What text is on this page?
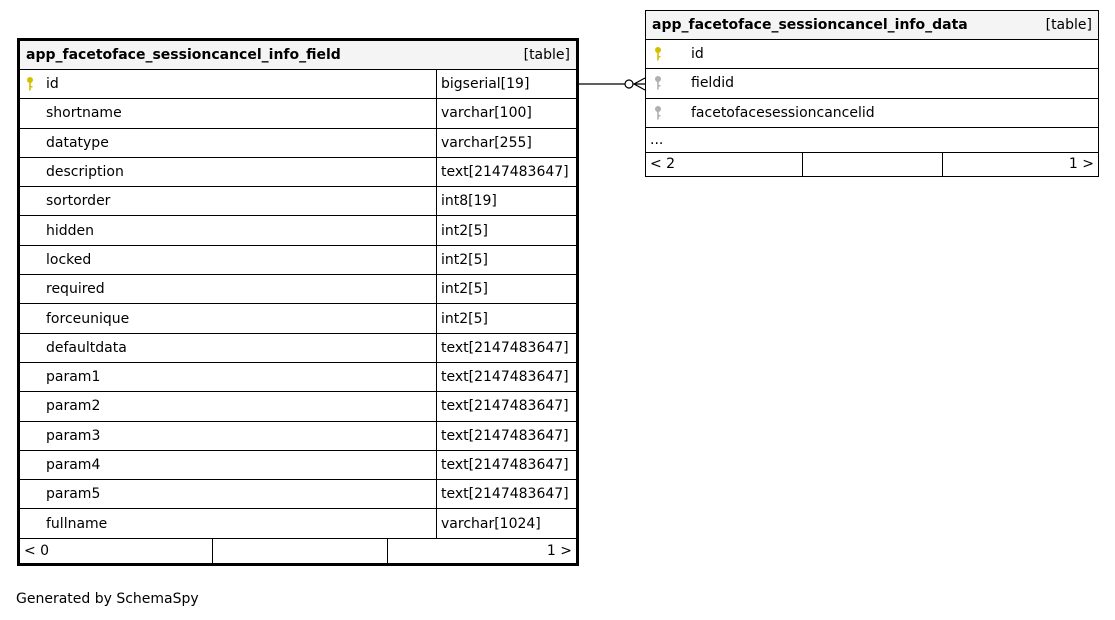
app_facetoface_sessioncancel_info_field	[table]
id	bigserial[19]
shortname	varchar[100]
datatype	varchar[255]
description	text[2147483647]
sortorder	int8[19]
hidden	int2[5]
locked	int2[5]
required	int2[5]
forceunique	int2[5]
defaultdata	text[2147483647]
param1	text[2147483647]
param2	text[2147483647]
param3	text[2147483647]
param4	text[2147483647]
param5	text[2147483647]
fullname	varchar[1024]
< 0	1 >
app_facetoface_sessioncancel_info_data	[table]
id
fieldid
facetofacesessioncancelid
...
< 2	1 >
Generated by SchemaSpy
